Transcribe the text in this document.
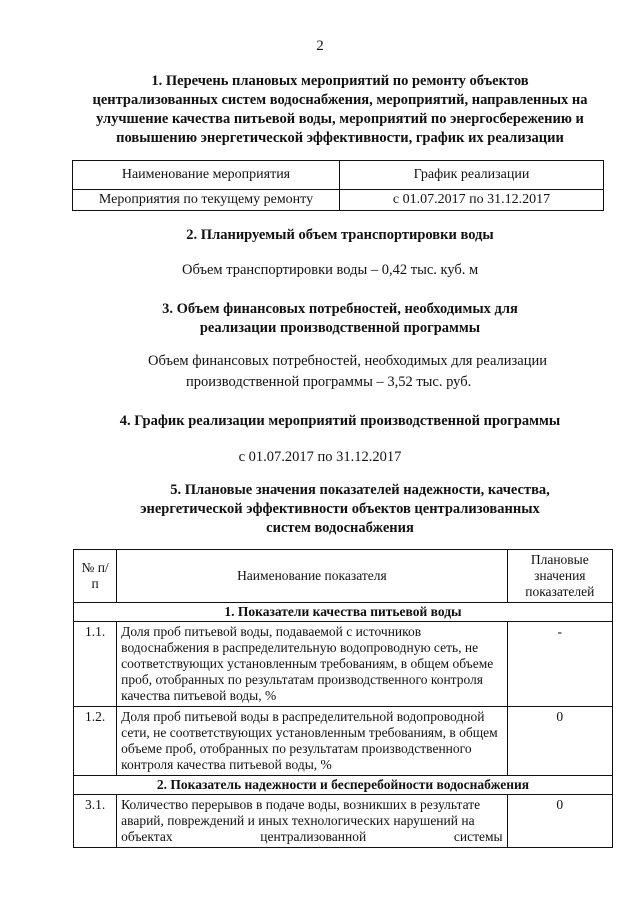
2
1. Перечень плановых мероприятий по ремонту объектов
централизованных систем водоснабжения, мероприятий, направленных на
улучшение качества питьевой воды, мероприятий по энергосбережению и
повышению энергетической эффективности, график их реализации
Наименование мероприятия	График реализации
Мероприятия по текущему ремонту	с 01.07.2017 по 31.12.2017
2. Планируемый объем транспортировки воды
Объем транспортировки воды – 0,42 тыс. куб. м
3. Объем финансовых потребностей, необходимых для
реализации производственной программы
Объем финансовых потребностей, необходимых для реализации
производственной программы – 3,52 тыс. руб.
4. График реализации мероприятий производственной программы
с 01.07.2017 по 31.12.2017
5. Плановые значения показателей надежности, качества,
энергетической эффективности объектов централизованных
систем водоснабжения
№ п/п	Наименование показателя	Плановые значения показателей
1. Показатели качества питьевой воды		
1.1.	Доля проб питьевой воды, подаваемой с источников водоснабжения в распределительную водопроводную сеть, не соответствующих установленным требованиям, в общем объеме проб, отобранных по результатам производственного контроля качества питьевой воды, %	-
1.2.	Доля проб питьевой воды в распределительной водопроводной сети, не соответствующих установленным требованиям, в общем объеме проб, отобранных по результатам производственного контроля качества питьевой воды, %	0
2. Показатель надежности и бесперебойности водоснабжения		
3.1.	Количество перерывов в подаче воды, возникших в результате аварий, повреждений и иных технологических нарушений на объектах централизованной системы	0
